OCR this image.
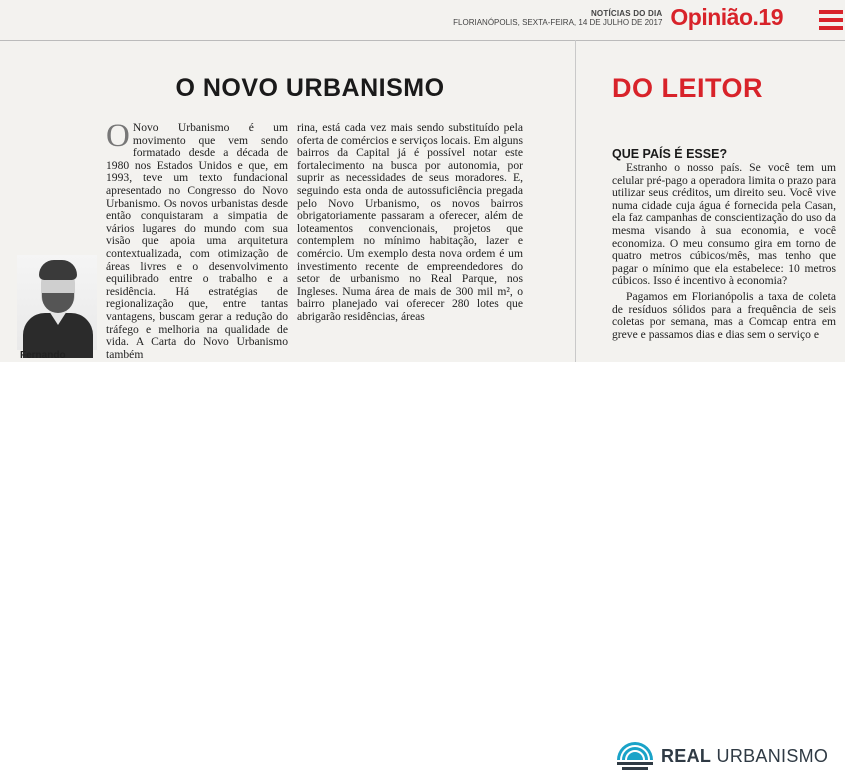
NOTÍCIAS DO DIA
FLORIANÓPOLIS, SEXTA-FEIRA, 14 DE JULHO DE 2017 Opinião.19
O NOVO URBANISMO
O Novo Urbanismo é um movimento que vem sendo formatado desde a década de 1980 nos Estados Unidos e que, em 1993, teve um texto fundacional apresentado no Congresso do Novo Urbanismo. Os novos urbanistas desde então conquistaram a simpatia de vários lugares do mundo com sua visão que apoia uma arquitetura contextualizada, com otimização de áreas livres e o desenvolvimento equilibrado entre o trabalho e a residência. Há estratégias de regionalização que, entre tantas vantagens, buscam gerar a redução do tráfego e melhoria na qualidade de vida. A Carta do Novo Urbanismo também

rina, está cada vez mais sendo substituído pela oferta de comércios e serviços locais. Em alguns bairros da Capital já é possível notar este fortalecimento na busca por autonomia, por suprir as necessidades de seus moradores. E, seguindo esta onda de autossuficiência pregada pelo Novo Urbanismo, os novos bairros obrigatoriamente passaram a oferecer, além de loteamentos convencionais, projetos que contemplem no mínimo habitação, lazer e comércio. Um exemplo desta nova ordem é um investimento recente de empreendedores do setor de urbanismo no Real Parque, nos Ingleses. Numa área de mais de 300 mil m², o bairro planejado vai oferecer 280 lotes que abrigarão residências, áreas

Fernando
DO LEITOR
QUE PAÍS É ESSE?

Estranho o nosso país. Se você tem um celular pré-pago a operadora limita o prazo para utilizar seus créditos, um direito seu. Você vive numa cidade cuja água é fornecida pela Casan, ela faz campanhas de conscientização do uso da mesma visando à sua economia, e você economiza. O meu consumo gira em torno de quatro metros cúbicos/mês, mas tenho que pagar o mínimo que ela estabelece: 10 metros cúbicos. Isso é incentivo à economia?

Pagamos em Florianópolis a taxa de coleta de resíduos sólidos para a frequência de seis coletas por semana, mas a Comcap entra em greve e passamos dias e dias sem o serviço e

REAL URBANISMO
